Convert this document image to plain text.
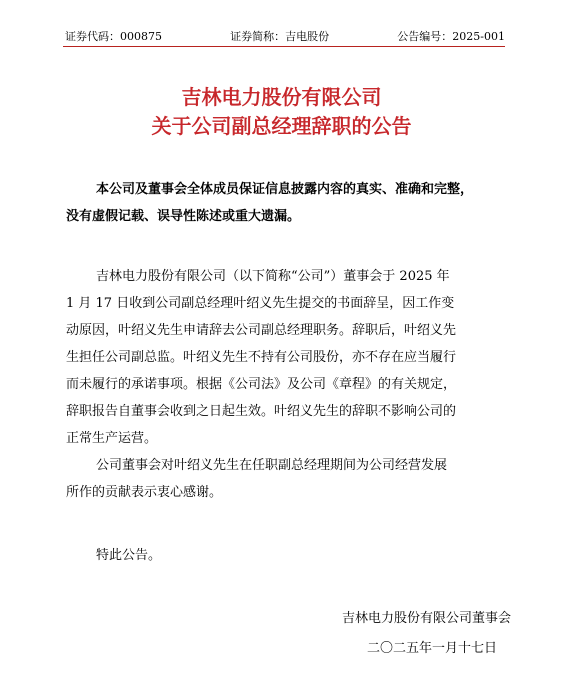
证券代码：000875	证券简称：吉电股份	公告编号：2025-001
吉林电力股份有限公司
关于公司副总经理辞职的公告
本公司及董事会全体成员保证信息披露内容的真实、准确和完整，
没有虚假记载、误导性陈述或重大遗漏。
吉林电力股份有限公司（以下简称“公司”）董事会于 2025 年
1 月 17 日收到公司副总经理叶绍义先生提交的书面辞呈，因工作变
动原因，叶绍义先生申请辞去公司副总经理职务。辞职后，叶绍义先
生担任公司副总监。叶绍义先生不持有公司股份，亦不存在应当履行
而未履行的承诺事项。根据《公司法》及公司《章程》的有关规定，
辞职报告自董事会收到之日起生效。叶绍义先生的辞职不影响公司的
正常生产运营。
公司董事会对叶绍义先生在任职副总经理期间为公司经营发展
所作的贡献表示衷心感谢。
特此公告。
吉林电力股份有限公司董事会
二〇二五年一月十七日
